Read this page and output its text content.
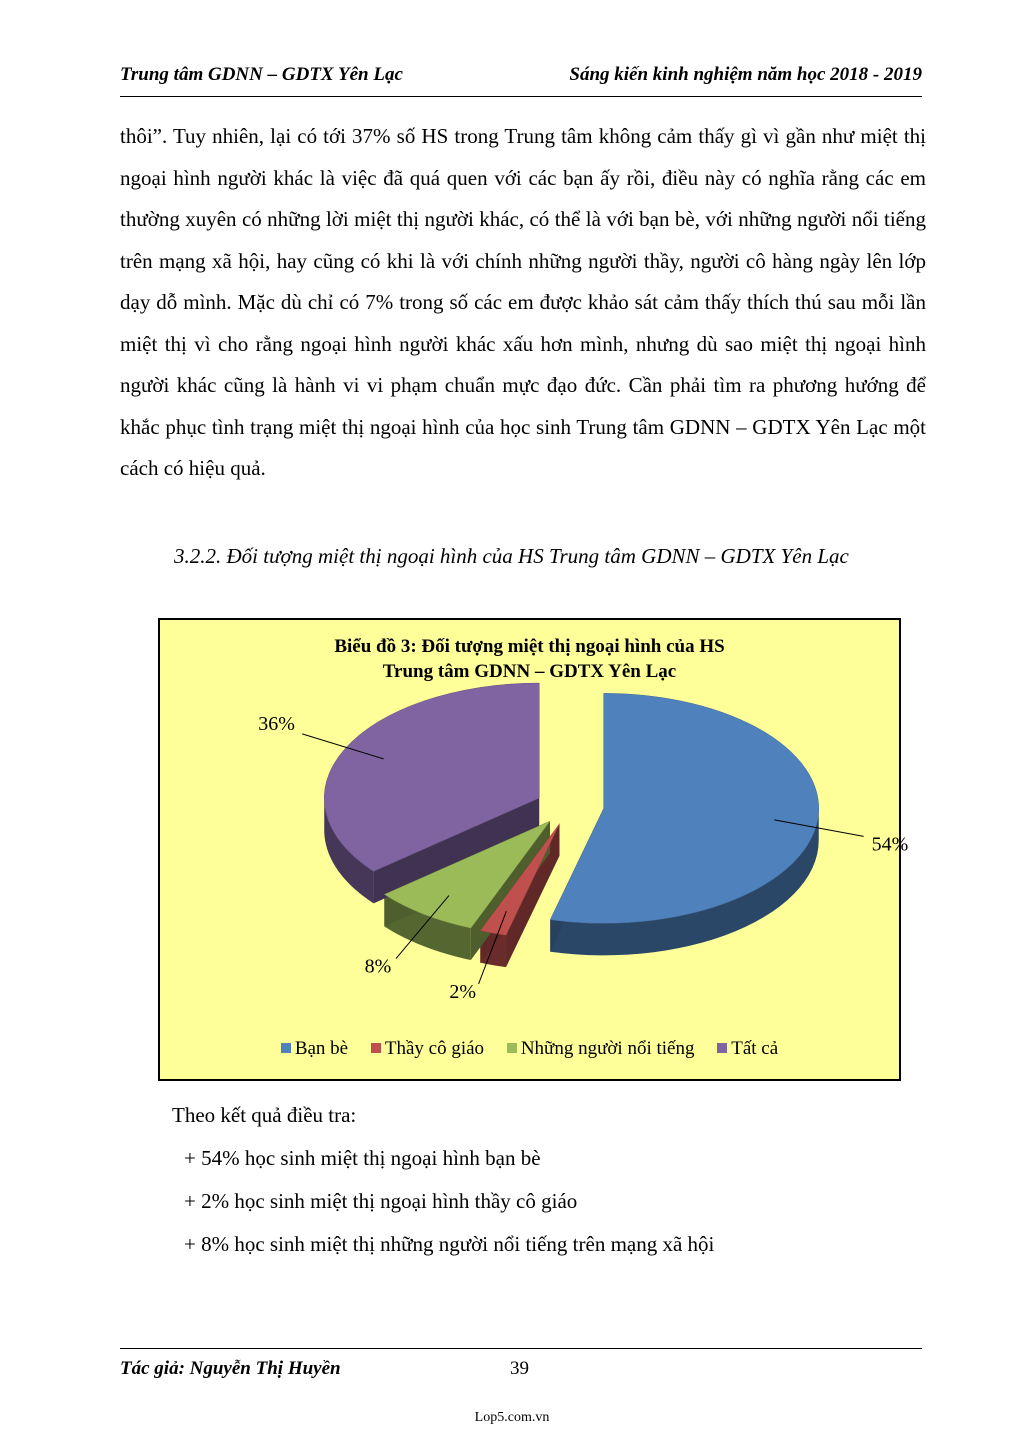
Trung tâm GDNN – GDTX Yên Lạc	Sáng kiến kinh nghiệm năm học 2018 - 2019
thôi”. Tuy nhiên, lại có tới 37% số HS trong Trung tâm không cảm thấy gì vì gần như miệt thị ngoại hình người khác là việc đã quá quen với các bạn ấy rồi, điều này có nghĩa rằng các em thường xuyên có những lời miệt thị người khác, có thể là với bạn bè, với những người nổi tiếng trên mạng xã hội, hay cũng có khi là với chính những người thầy, người cô hàng ngày lên lớp dạy dỗ mình. Mặc dù chỉ có 7% trong số các em được khảo sát cảm thấy thích thú sau mỗi lần miệt thị vì cho rằng ngoại hình người khác xấu hơn mình, nhưng dù sao miệt thị ngoại hình người khác cũng là hành vi vi phạm chuẩn mực đạo đức. Cần phải tìm ra phương hướng để khắc phục tình trạng miệt thị ngoại hình của học sinh Trung tâm GDNN – GDTX Yên Lạc một cách có hiệu quả.
3.2.2. Đối tượng miệt thị ngoại hình của HS Trung tâm GDNN – GDTX Yên Lạc
Biểu đồ 3: Đối tượng miệt thị ngoại hình của HS
Trung tâm GDNN – GDTX Yên Lạc
54%
2%
8%
36%
Bạn bè Thầy cô giáo Những người nổi tiếng Tất cả
Theo kết quả điều tra:
+ 54% học sinh miệt thị ngoại hình bạn bè
+ 2% học sinh miệt thị ngoại hình thầy cô giáo
+ 8% học sinh miệt thị những người nổi tiếng trên mạng xã hội
Tác giả: Nguyễn Thị Huyền	39
Lop5.com.vn
